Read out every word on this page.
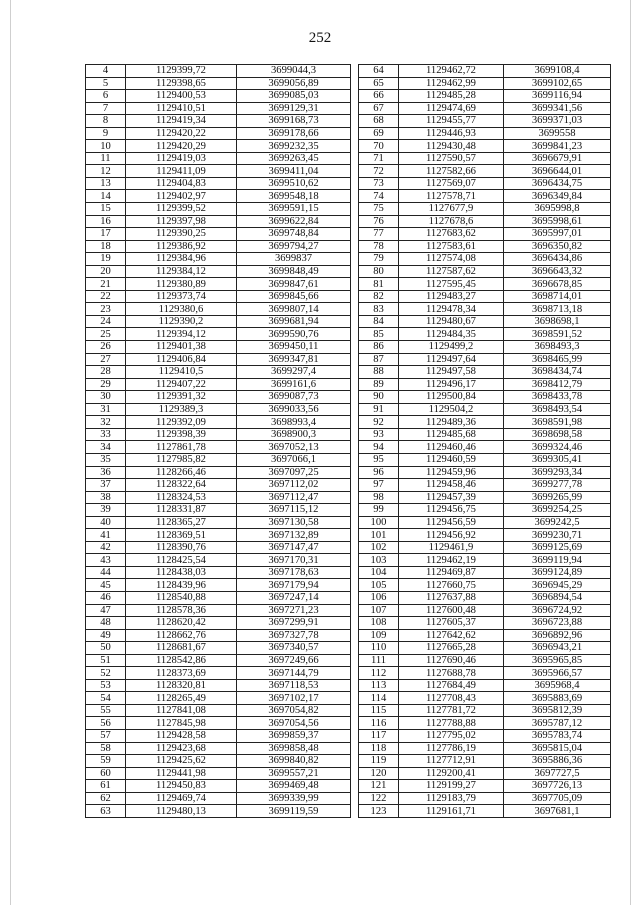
252
4	1129399,72	3699044,3
5	1129398,65	3699056,89
6	1129400,53	3699085,03
7	1129410,51	3699129,31
8	1129419,34	3699168,73
9	1129420,22	3699178,66
10	1129420,29	3699232,35
11	1129419,03	3699263,45
12	1129411,09	3699411,04
13	1129404,83	3699510,62
14	1129402,97	3699548,18
15	1129399,52	3699591,15
16	1129397,98	3699622,84
17	1129390,25	3699748,84
18	1129386,92	3699794,27
19	1129384,96	3699837
20	1129384,12	3699848,49
21	1129380,89	3699847,61
22	1129373,74	3699845,66
23	1129380,6	3699807,14
24	1129390,2	3699681,94
25	1129394,12	3699590,76
26	1129401,38	3699450,11
27	1129406,84	3699347,81
28	1129410,5	3699297,4
29	1129407,22	3699161,6
30	1129391,32	3699087,73
31	1129389,3	3699033,56
32	1129392,09	3698993,4
33	1129398,39	3698900,3
34	1127861,78	3697052,13
35	1127985,82	3697066,1
36	1128266,46	3697097,25
37	1128322,64	3697112,02
38	1128324,53	3697112,47
39	1128331,87	3697115,12
40	1128365,27	3697130,58
41	1128369,51	3697132,89
42	1128390,76	3697147,47
43	1128425,54	3697170,31
44	1128438,03	3697178,63
45	1128439,96	3697179,94
46	1128540,88	3697247,14
47	1128578,36	3697271,23
48	1128620,42	3697299,91
49	1128662,76	3697327,78
50	1128681,67	3697340,57
51	1128542,86	3697249,66
52	1128373,69	3697144,79
53	1128320,81	3697118,53
54	1128265,49	3697102,17
55	1127841,08	3697054,82
56	1127845,98	3697054,56
57	1129428,58	3699859,37
58	1129423,68	3699858,48
59	1129425,62	3699840,82
60	1129441,98	3699557,21
61	1129450,83	3699469,48
62	1129469,74	3699339,99
63	1129480,13	3699119,59
64	1129462,72	3699108,4
65	1129462,99	3699102,65
66	1129485,28	3699116,94
67	1129474,69	3699341,56
68	1129455,77	3699371,03
69	1129446,93	3699558
70	1129430,48	3699841,23
71	1127590,57	3696679,91
72	1127582,66	3696644,01
73	1127569,07	3696434,75
74	1127578,71	3696349,84
75	1127677,9	3695998,8
76	1127678,6	3695998,61
77	1127683,62	3695997,01
78	1127583,61	3696350,82
79	1127574,08	3696434,86
80	1127587,62	3696643,32
81	1127595,45	3696678,85
82	1129483,27	3698714,01
83	1129478,34	3698713,18
84	1129480,67	3698698,1
85	1129484,35	3698591,52
86	1129499,2	3698493,3
87	1129497,64	3698465,99
88	1129497,58	3698434,74
89	1129496,17	3698412,79
90	1129500,84	3698433,78
91	1129504,2	3698493,54
92	1129489,36	3698591,98
93	1129485,68	3698698,58
94	1129460,46	3699324,46
95	1129460,59	3699305,41
96	1129459,96	3699293,34
97	1129458,46	3699277,78
98	1129457,39	3699265,99
99	1129456,75	3699254,25
100	1129456,59	3699242,5
101	1129456,92	3699230,71
102	1129461,9	3699125,69
103	1129462,19	3699119,94
104	1129469,87	3699124,89
105	1127660,75	3696945,29
106	1127637,88	3696894,54
107	1127600,48	3696724,92
108	1127605,37	3696723,88
109	1127642,62	3696892,96
110	1127665,28	3696943,21
111	1127690,46	3695965,85
112	1127688,78	3695966,57
113	1127684,49	3695968,4
114	1127708,43	3695883,69
115	1127781,72	3695812,39
116	1127788,88	3695787,12
117	1127795,02	3695783,74
118	1127786,19	3695815,04
119	1127712,91	3695886,36
120	1129200,41	3697727,5
121	1129199,27	3697726,13
122	1129183,79	3697705,09
123	1129161,71	3697681,1
